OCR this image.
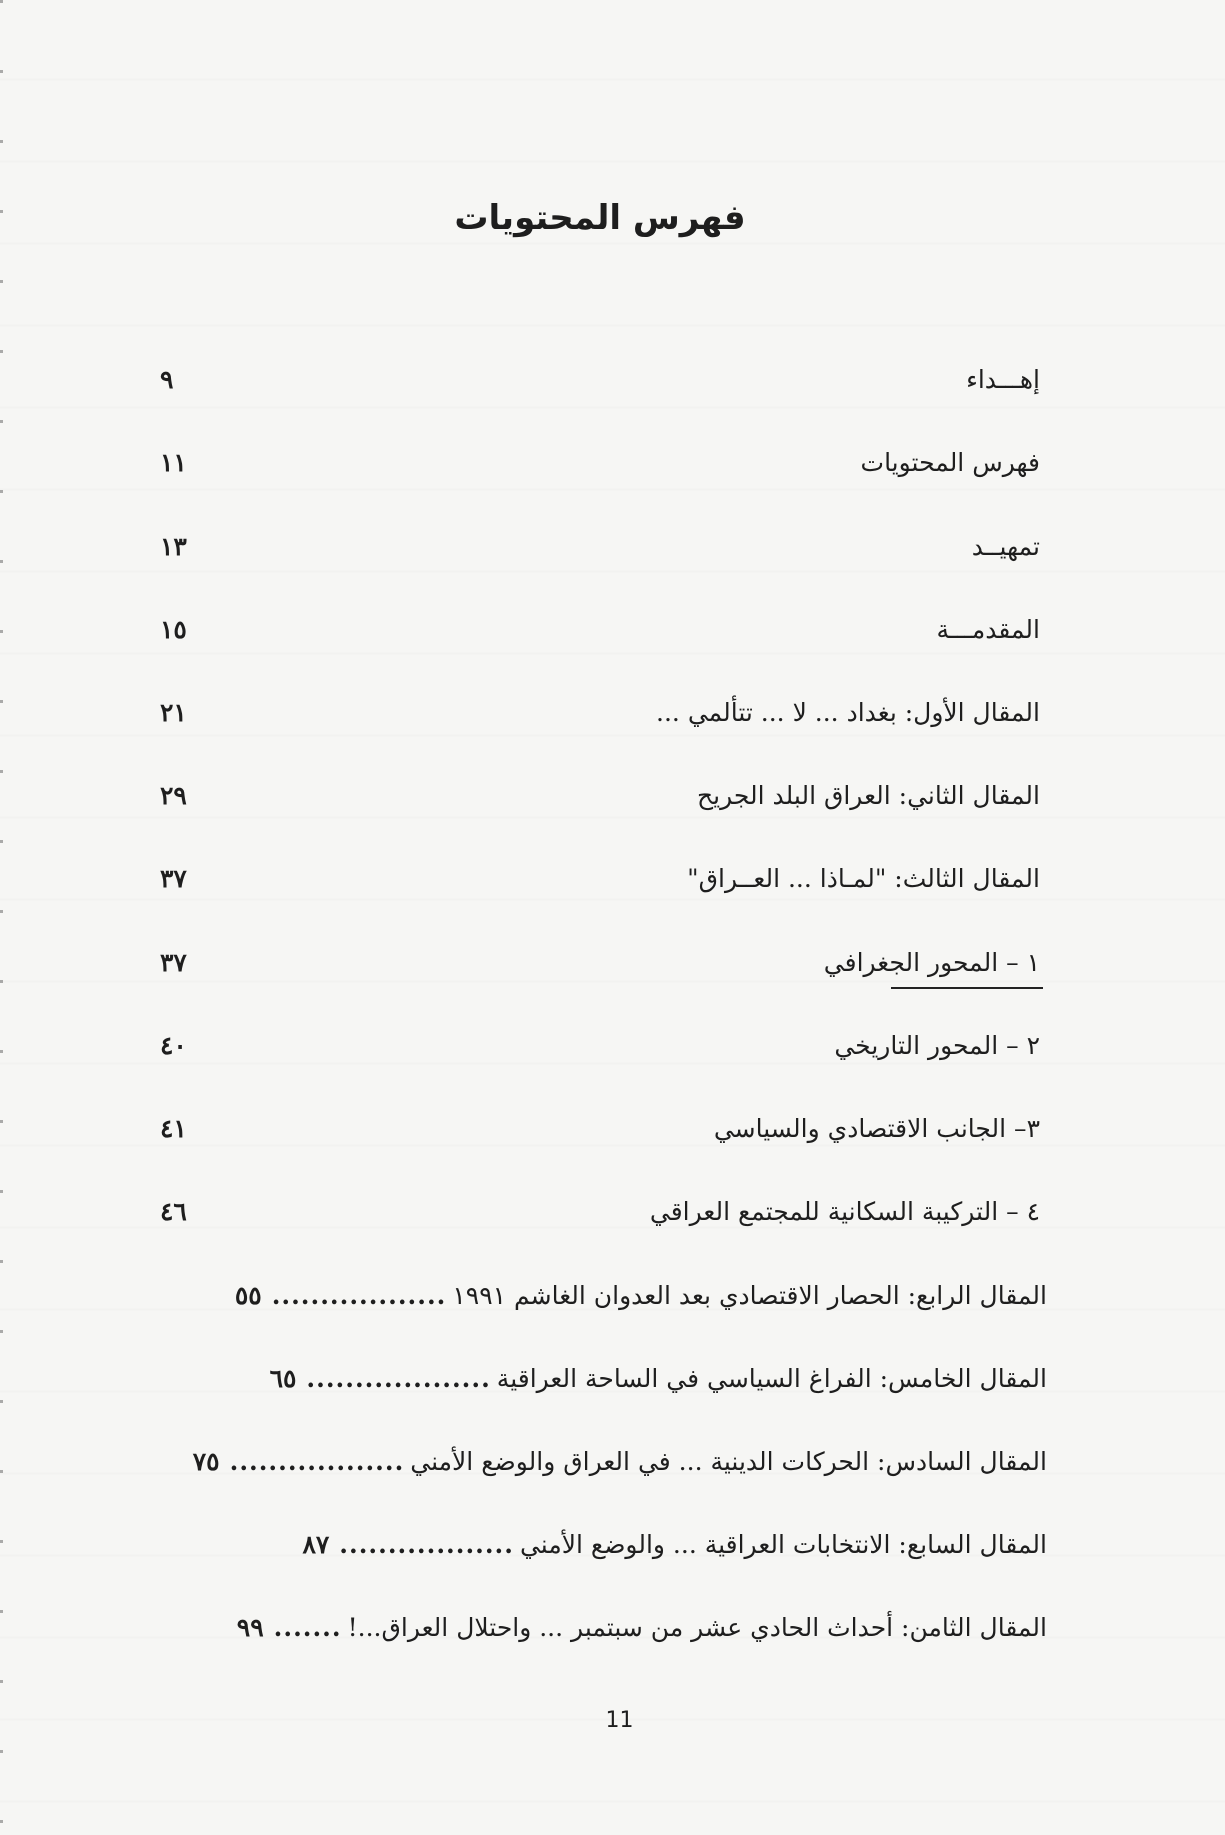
فهرس المحتويات
إهـــداء
٩
فهرس المحتويات
١١
تمهيــد
١٣
المقدمـــة
١٥
المقال الأول: بغداد ... لا ... تتألمي ...
٢١
المقال الثاني: العراق البلد الجريح
٢٩
المقال الثالث: "لمـاذا ... العــراق"
٣٧
١ – المحور الجغرافي
٣٧
٢ – المحور التاريخي
٤٠
٣– الجانب الاقتصادي والسياسي
٤١
٤ – التركيبة السكانية للمجتمع العراقي
٤٦
المقال الرابع: الحصار الاقتصادي بعد العدوان الغاشم ١٩٩١
..................
٥٥
المقال الخامس: الفراغ السياسي في الساحة العراقية
...................
٦٥
المقال السادس: الحركات الدينية ... في العراق والوضع الأمني
..................
٧٥
المقال السابع: الانتخابات العراقية ... والوضع الأمني
..................
٨٧
المقال الثامن: أحداث الحادي عشر من سبتمبر ... واحتلال العراق...!
.......
٩٩
11
